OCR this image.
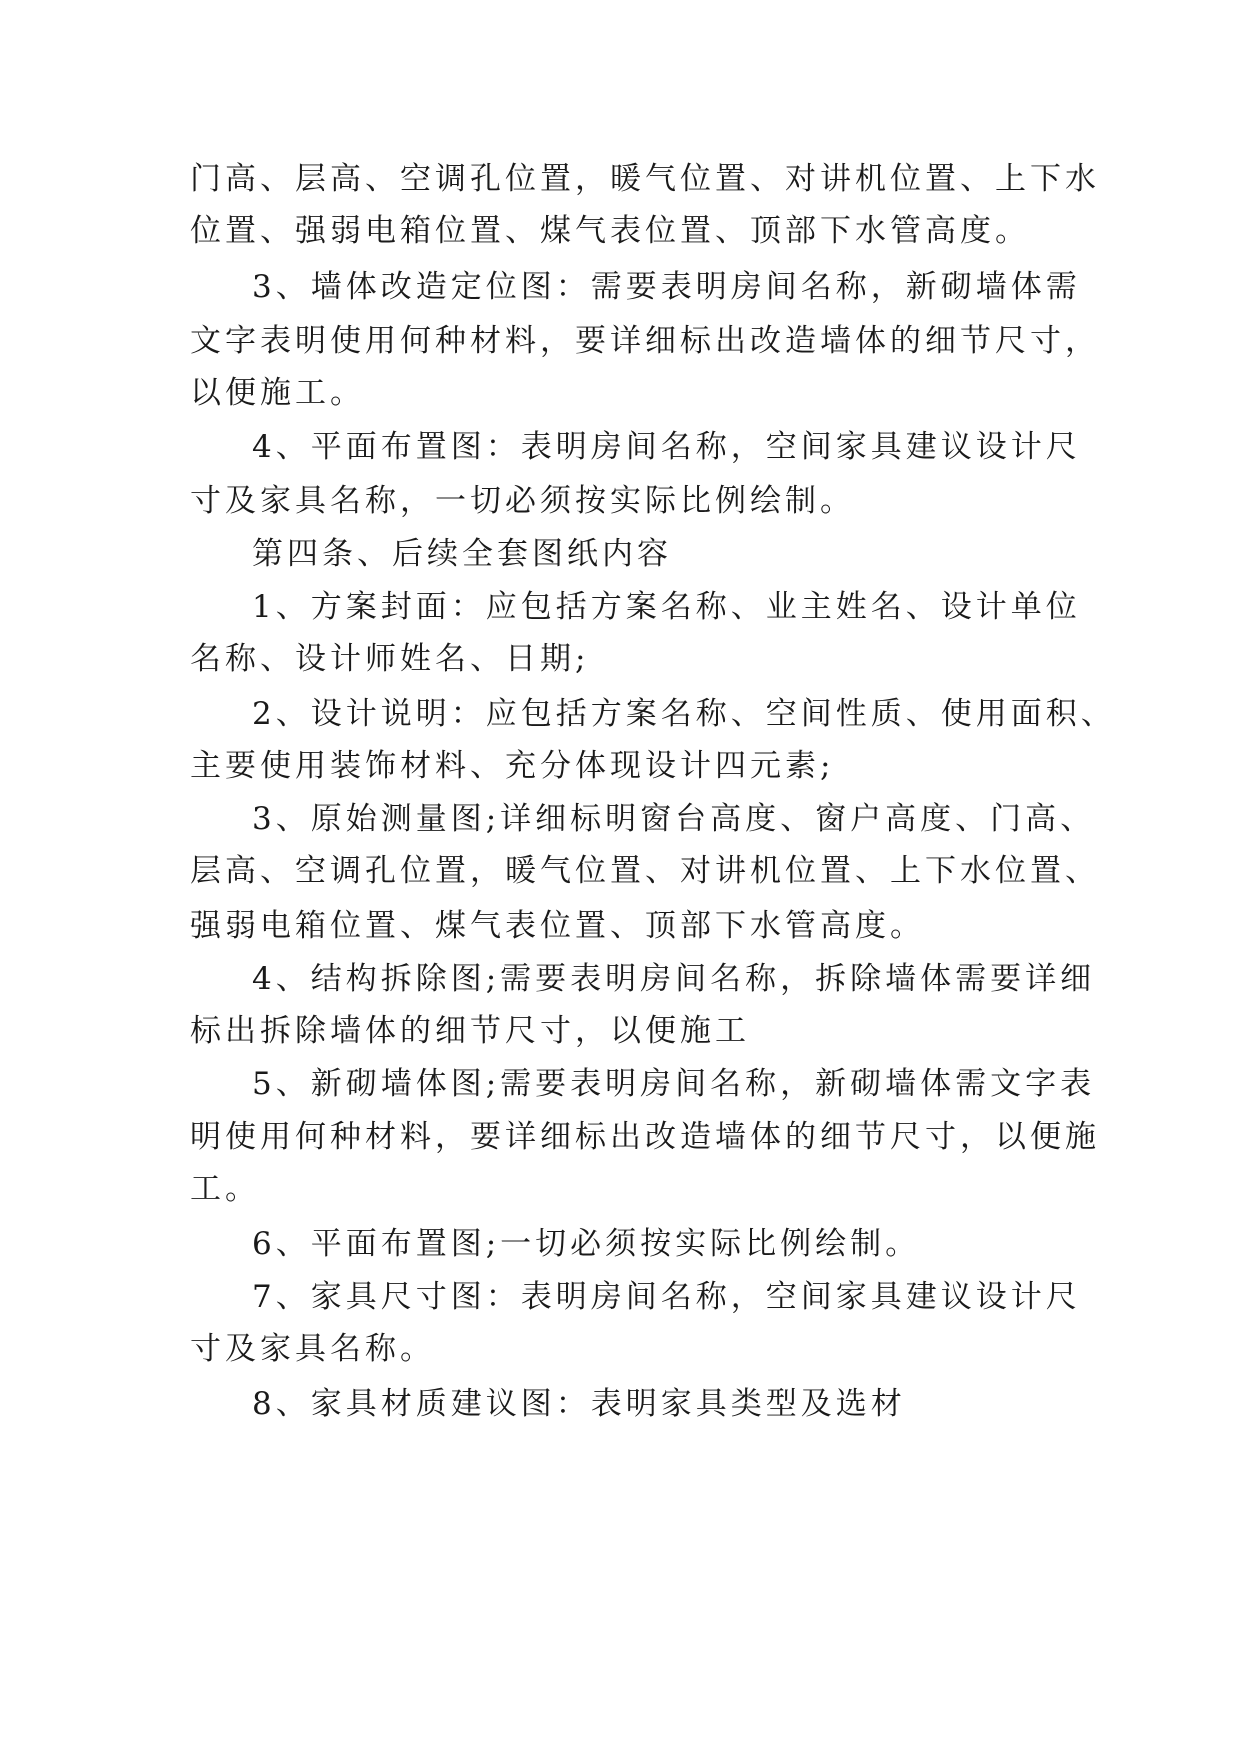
门高、层高、空调孔位置，暖气位置、对讲机位置、上下水
位置、强弱电箱位置、煤气表位置、顶部下水管高度。
3、墙体改造定位图：需要表明房间名称，新砌墙体需
文字表明使用何种材料，要详细标出改造墙体的细节尺寸，
以便施工。
4、平面布置图：表明房间名称，空间家具建议设计尺
寸及家具名称，一切必须按实际比例绘制。
第四条、后续全套图纸内容
1、方案封面：应包括方案名称、业主姓名、设计单位
名称、设计师姓名、日期;
2、设计说明：应包括方案名称、空间性质、使用面积、
主要使用装饰材料、充分体现设计四元素;
3、原始测量图;详细标明窗台高度、窗户高度、门高、
层高、空调孔位置，暖气位置、对讲机位置、上下水位置、
强弱电箱位置、煤气表位置、顶部下水管高度。
4、结构拆除图;需要表明房间名称，拆除墙体需要详细
标出拆除墙体的细节尺寸，以便施工
5、新砌墙体图;需要表明房间名称，新砌墙体需文字表
明使用何种材料，要详细标出改造墙体的细节尺寸，以便施
工。
6、平面布置图;一切必须按实际比例绘制。
7、家具尺寸图：表明房间名称，空间家具建议设计尺
寸及家具名称。
8、家具材质建议图：表明家具类型及选材
